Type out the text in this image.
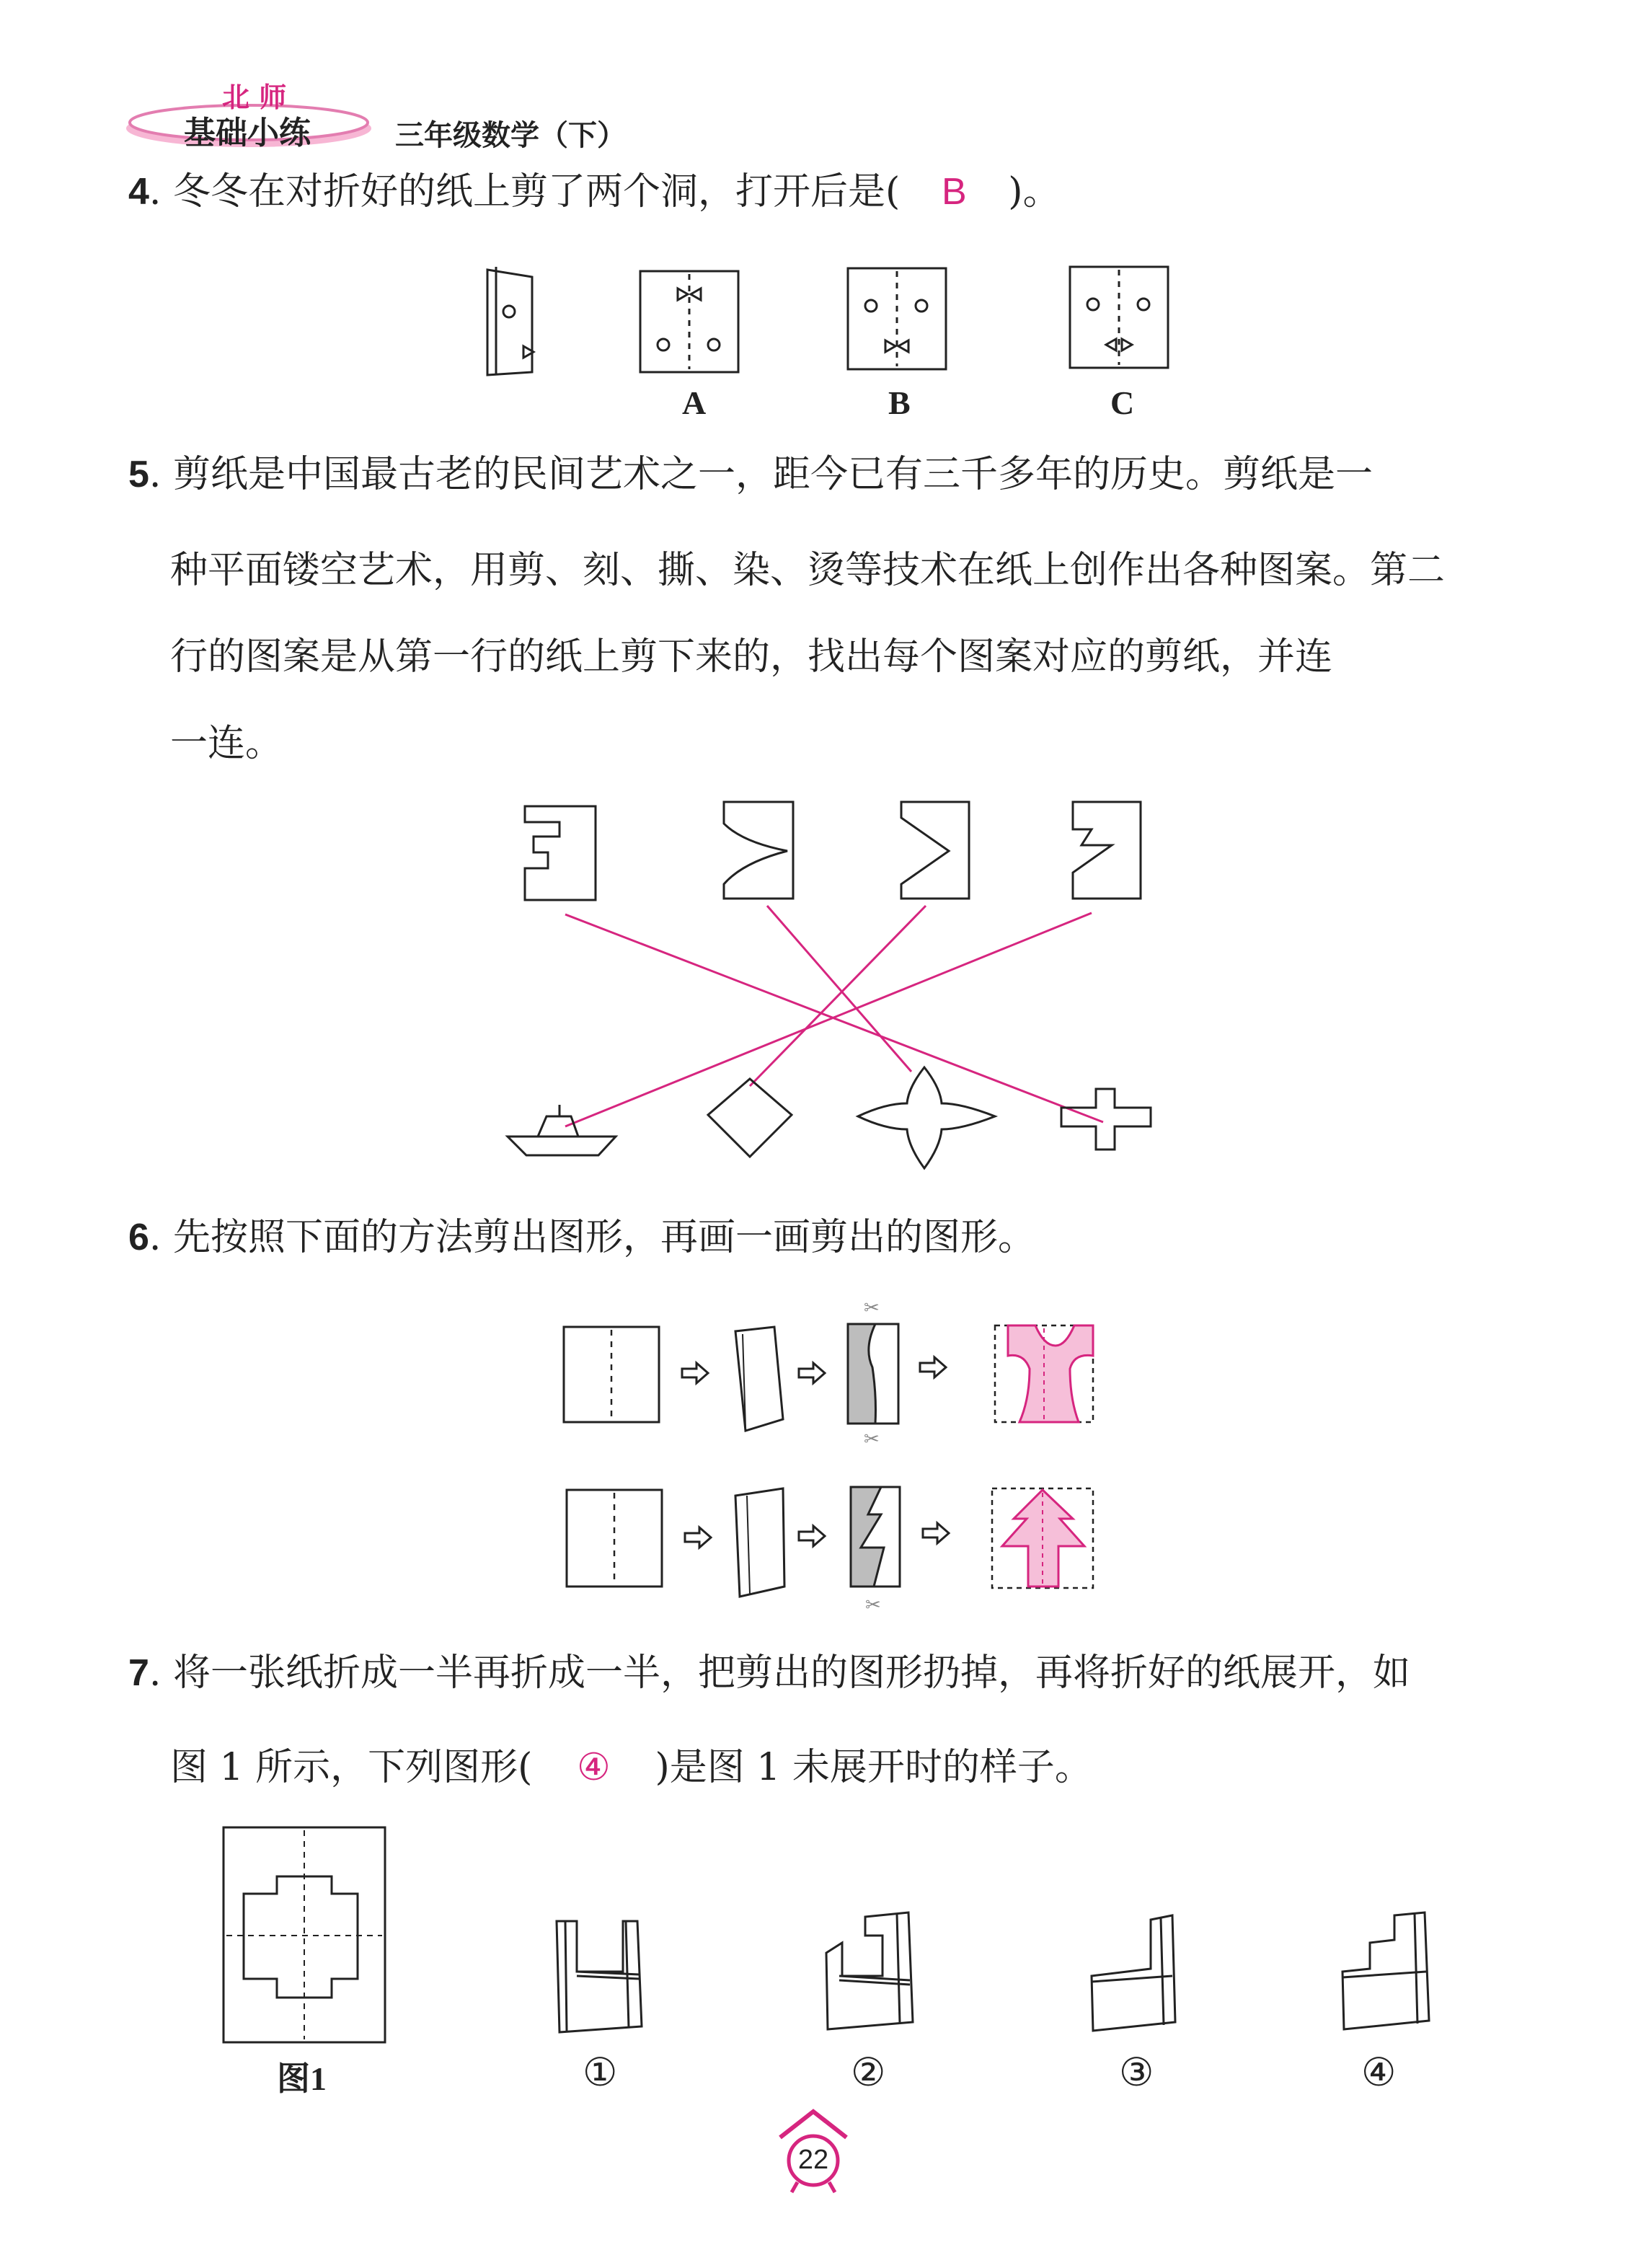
北 师
基础小练	三年级数学（下）
4. 冬冬在对折好的纸上剪了两个洞，打开后是( B )。
✂
✂
✂
A	B	C
5. 剪纸是中国最古老的民间艺术之一，距今已有三千多年的历史。剪纸是一
种平面镂空艺术，用剪、刻、撕、染、烫等技术在纸上创作出各种图案。第二
行的图案是从第一行的纸上剪下来的，找出每个图案对应的剪纸，并连
一连。
6. 先按照下面的方法剪出图形，再画一画剪出的图形。
7. 将一张纸折成一半再折成一半，把剪出的图形扔掉，再将折好的纸展开，如
图 1 所示，下列图形( ④ )是图 1 未展开时的样子。
图1	①	②	③	④
22
